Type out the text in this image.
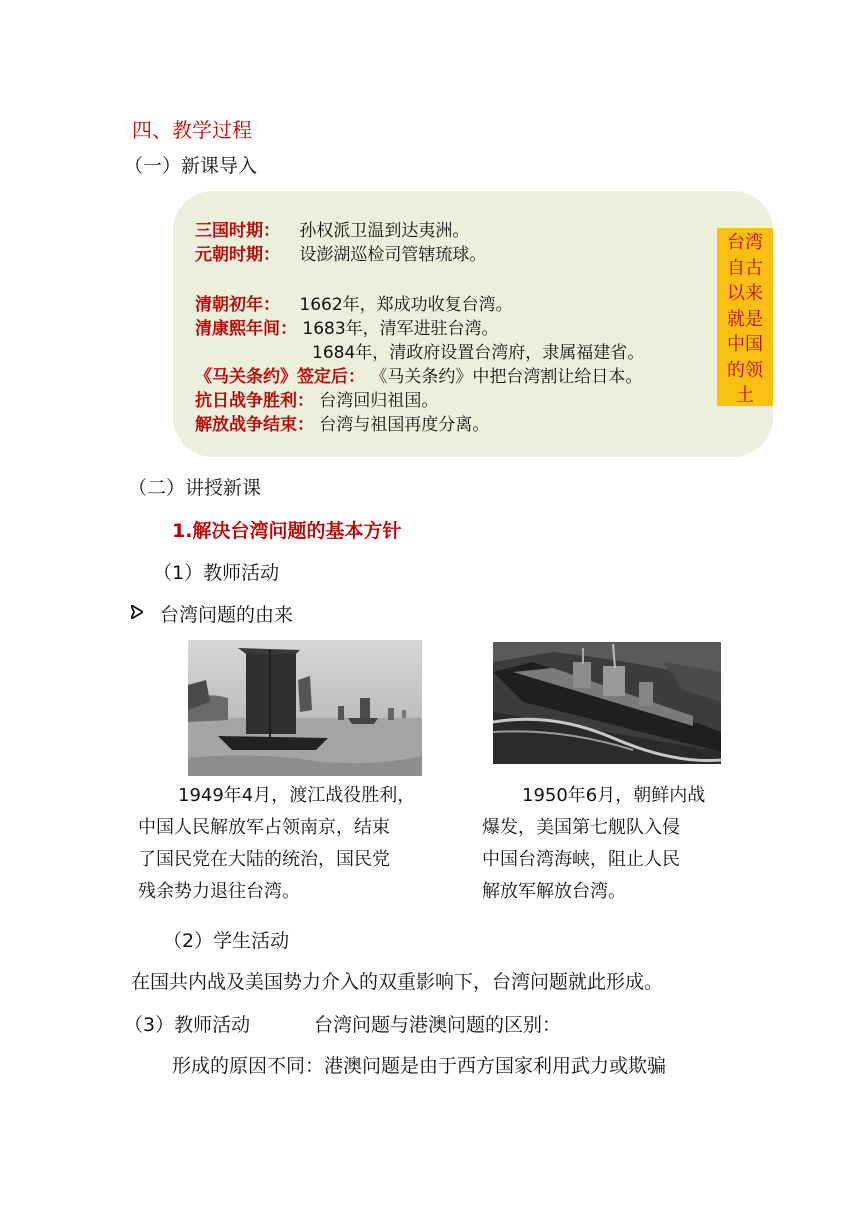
四、教学过程
（一）新课导入
三国时期： 孙权派卫温到达夷洲。
元朝时期： 设澎湖巡检司管辖琉球。
清朝初年： 1662年，郑成功收复台湾。
清康熙年间： 1683年，清军进驻台湾。
1684年，清政府设置台湾府，隶属福建省。
《马关条约》签定后： 《马关条约》中把台湾割让给日本。
抗日战争胜利： 台湾回归祖国。
解放战争结束： 台湾与祖国再度分离。
台湾
自古
以来
就是
中国
的领
土
（二）讲授新课
1.解决台湾问题的基本方针
（1）教师活动
台湾问题的由来

1949年4月，渡江战役胜利，

中国人民解放军占领南京，结束

了国民党在大陆的统治，国民党

残余势力退往台湾。

1950年6月，朝鲜内战

爆发，美国第七舰队入侵

中国台湾海峡，阻止人民

解放军解放台湾。

（2）学生活动
在国共内战及美国势力介入的双重影响下，台湾问题就此形成。
（3）教师活动	台湾问题与港澳问题的区别：
形成的原因不同：港澳问题是由于西方国家利用武力或欺骗
